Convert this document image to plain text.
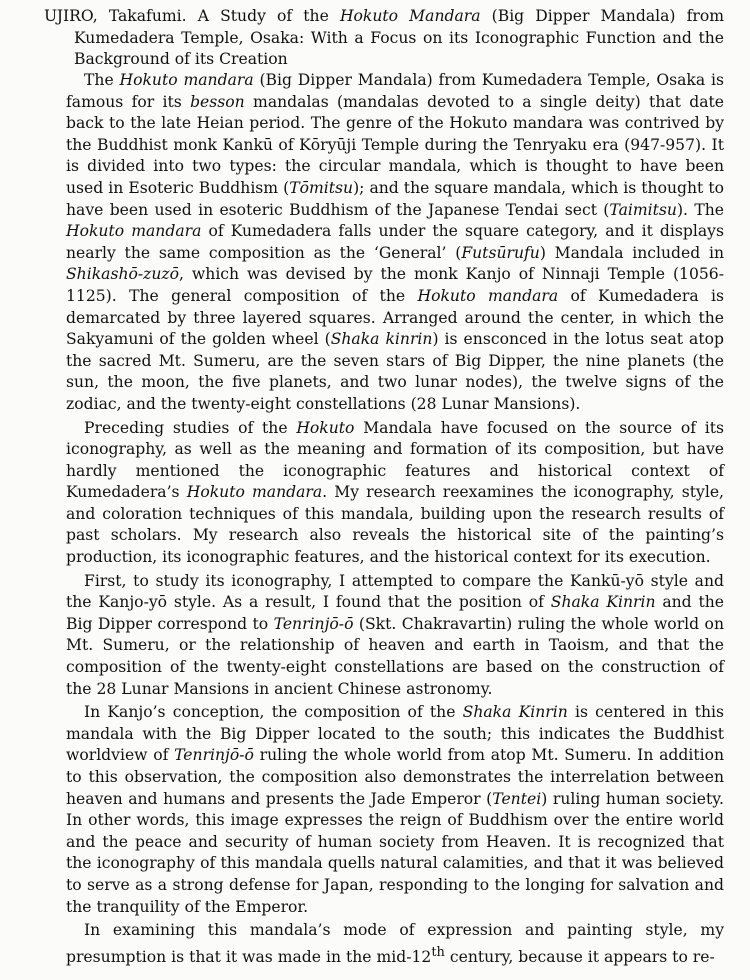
UJIRO, Takafumi. A Study of the Hokuto Mandara (Big Dipper Mandala) from Kumedadera Temple, Osaka: With a Focus on its Iconographic Function and the Background of its Creation

The Hokuto mandara (Big Dipper Mandala) from Kumedadera Temple, Osaka is famous for its besson mandalas (mandalas devoted to a single deity) that date back to the late Heian period. The genre of the Hokuto mandara was contrived by the Buddhist monk Kankū of Kōryūji Temple during the Tenryaku era (947-957). It is divided into two types: the circular mandala, which is thought to have been used in Esoteric Buddhism (Tōmitsu); and the square mandala, which is thought to have been used in esoteric Buddhism of the Japanese Tendai sect (Taimitsu). The Hokuto mandara of Kumedadera falls under the square category, and it displays nearly the same composition as the ‘General’ (Futsūrufu) Mandala included in Shikashō-zuzō, which was devised by the monk Kanjo of Ninnaji Temple (1056-1125). The general composition of the Hokuto mandara of Kumedadera is demarcated by three layered squares. Arranged around the center, in which the Sakyamuni of the golden wheel (Shaka kinrin) is ensconced in the lotus seat atop the sacred Mt. Sumeru, are the seven stars of Big Dipper, the nine planets (the sun, the moon, the five planets, and two lunar nodes), the twelve signs of the zodiac, and the twenty-eight constellations (28 Lunar Mansions).

Preceding studies of the Hokuto Mandala have focused on the source of its iconography, as well as the meaning and formation of its composition, but have hardly mentioned the iconographic features and historical context of Kumedadera’s Hokuto mandara. My research reexamines the iconography, style, and coloration techniques of this mandala, building upon the research results of past scholars. My research also reveals the historical site of the painting’s production, its iconographic features, and the historical context for its execution.

First, to study its iconography, I attempted to compare the Kankū-yō style and the Kanjo-yō style. As a result, I found that the position of Shaka Kinrin and the Big Dipper correspond to Tenrinjō-ō (Skt. Chakravartin) ruling the whole world on Mt. Sumeru, or the relationship of heaven and earth in Taoism, and that the composition of the twenty-eight constellations are based on the construction of the 28 Lunar Mansions in ancient Chinese astronomy.

In Kanjo’s conception, the composition of the Shaka Kinrin is centered in this mandala with the Big Dipper located to the south; this indicates the Buddhist worldview of Tenrinjō-ō ruling the whole world from atop Mt. Sumeru. In addition to this observation, the composition also demonstrates the interrelation between heaven and humans and presents the Jade Emperor (Tentei) ruling human society. In other words, this image expresses the reign of Buddhism over the entire world and the peace and security of human society from Heaven. It is recognized that the iconography of this mandala quells natural calamities, and that it was believed to serve as a strong defense for Japan, responding to the longing for salvation and the tranquility of the Emperor.

In examining this mandala’s mode of expression and painting style, my presumption is that it was made in the mid-12th century, because it appears to re-
